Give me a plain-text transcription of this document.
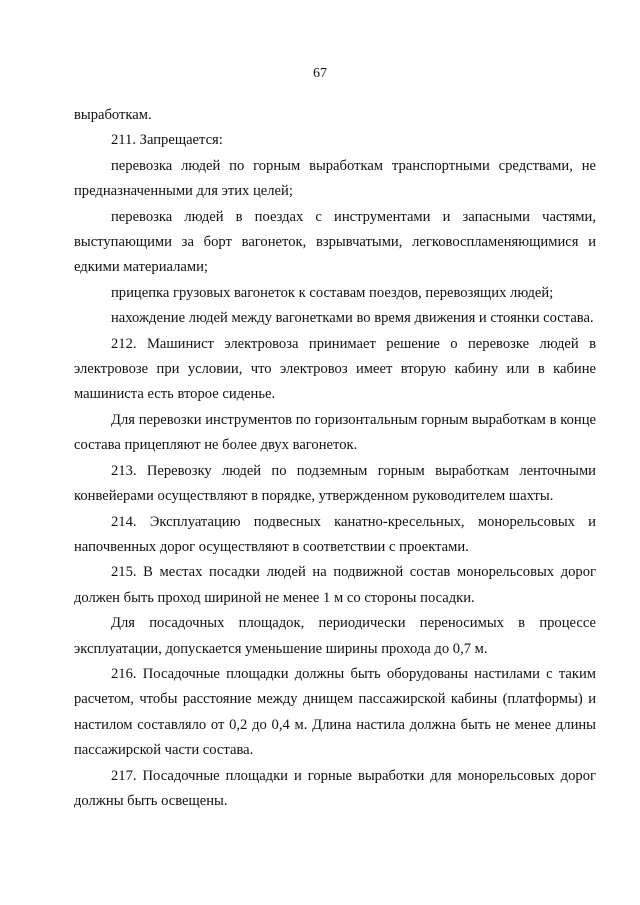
67

выработкам.

211. Запрещается:

перевозка людей по горным выработкам транспортными средствами, не предназначенными для этих целей;

перевозка людей в поездах с инструментами и запасными частями, выступающими за борт вагонеток, взрывчатыми, легковоспламеняющимися и едкими материалами;

прицепка грузовых вагонеток к составам поездов, перевозящих людей;

нахождение людей между вагонетками во время движения и стоянки состава.

212. Машинист электровоза принимает решение о перевозке людей в электровозе при условии, что электровоз имеет вторую кабину или в кабине машиниста есть второе сиденье.

Для перевозки инструментов по горизонтальным горным выработкам в конце состава прицепляют не более двух вагонеток.

213. Перевозку людей по подземным горным выработкам ленточными конвейерами осуществляют в порядке, утвержденном руководителем шахты.

214. Эксплуатацию подвесных канатно-кресельных, монорельсовых и напочвенных дорог осуществляют в соответствии с проектами.

215. В местах посадки людей на подвижной состав монорельсовых дорог должен быть проход шириной не менее 1 м со стороны посадки.

Для посадочных площадок, периодически переносимых в процессе эксплуатации, допускается уменьшение ширины прохода до 0,7 м.

216. Посадочные площадки должны быть оборудованы настилами с таким расчетом, чтобы расстояние между днищем пассажирской кабины (платформы) и настилом составляло от 0,2 до 0,4 м. Длина настила должна быть не менее длины пассажирской части состава.

217. Посадочные площадки и горные выработки для монорельсовых дорог должны быть освещены.
